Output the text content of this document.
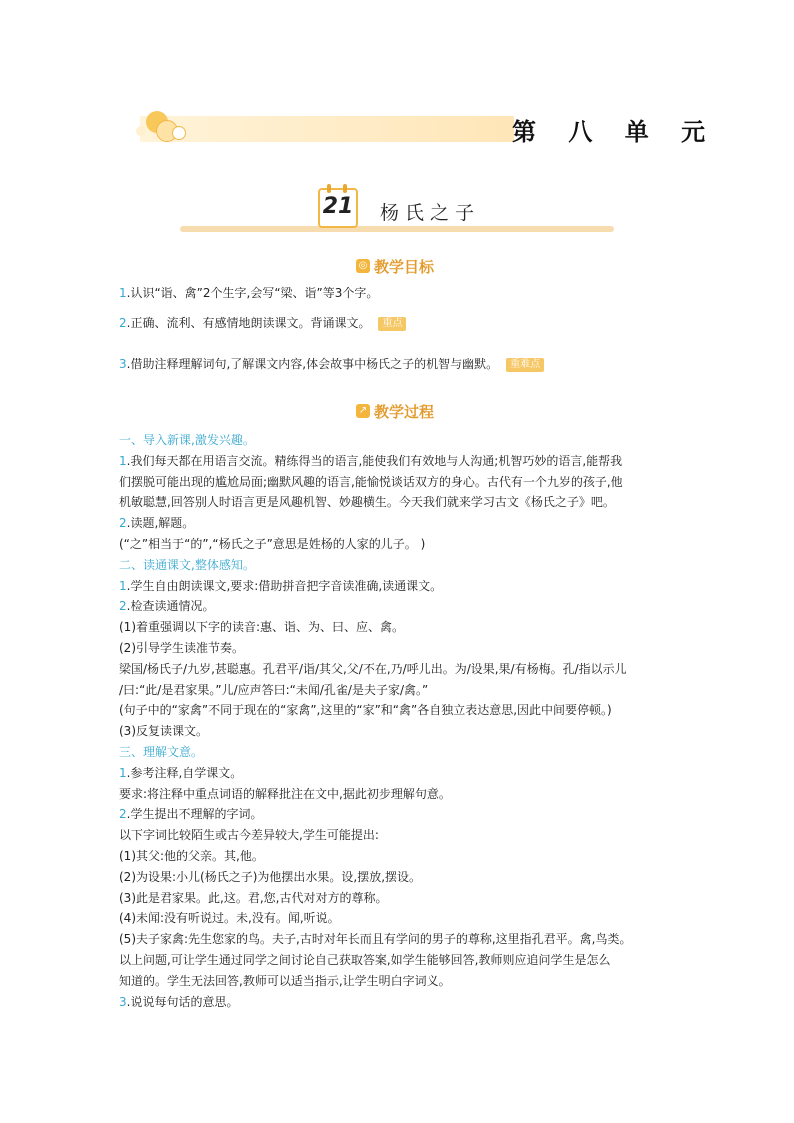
第 八 单 元
21 杨氏之子
◎ 教学目标
1.认识“诣、禽”2个生字,会写“梁、诣”等3个字。
2.正确、流利、有感情地朗读课文。背诵课文。 重点
3.借助注释理解词句,了解课文内容,体会故事中杨氏之子的机智与幽默。 重难点
↗ 教学过程
一、导入新课,激发兴趣。
1.我们每天都在用语言交流。精练得当的语言,能使我们有效地与人沟通;机智巧妙的语言,能帮我
们摆脱可能出现的尴尬局面;幽默风趣的语言,能愉悦谈话双方的身心。古代有一个九岁的孩子,他
机敏聪慧,回答别人时语言更是风趣机智、妙趣横生。今天我们就来学习古文《杨氏之子》吧。
2.读题,解题。
(“之”相当于“的”,“杨氏之子”意思是姓杨的人家的儿子。 )
二、读通课文,整体感知。
1.学生自由朗读课文,要求:借助拼音把字音读准确,读通课文。
2.检查读通情况。
(1)着重强调以下字的读音:惠、诣、为、曰、应、禽。
(2)引导学生读准节奏。
梁国/杨氏子/九岁,甚聪惠。孔君平/诣/其父,父/不在,乃/呼儿出。为/设果,果/有杨梅。孔/指以示儿
/曰:“此/是君家果。”儿/应声答曰:“未闻/孔雀/是夫子家/禽。”
(句子中的“家禽”不同于现在的“家禽”,这里的“家”和“禽”各自独立表达意思,因此中间要停顿。)
(3)反复读课文。
三、理解文意。
1.参考注释,自学课文。
要求:将注释中重点词语的解释批注在文中,据此初步理解句意。
2.学生提出不理解的字词。
以下字词比较陌生或古今差异较大,学生可能提出:
(1)其父:他的父亲。其,他。
(2)为设果:小儿(杨氏之子)为他摆出水果。设,摆放,摆设。
(3)此是君家果。此,这。君,您,古代对对方的尊称。
(4)未闻:没有听说过。未,没有。闻,听说。
(5)夫子家禽:先生您家的鸟。夫子,古时对年长而且有学问的男子的尊称,这里指孔君平。禽,鸟类。
以上问题,可让学生通过同学之间讨论自己获取答案,如学生能够回答,教师则应追问学生是怎么
知道的。学生无法回答,教师可以适当指示,让学生明白字词义。
3.说说每句话的意思。
